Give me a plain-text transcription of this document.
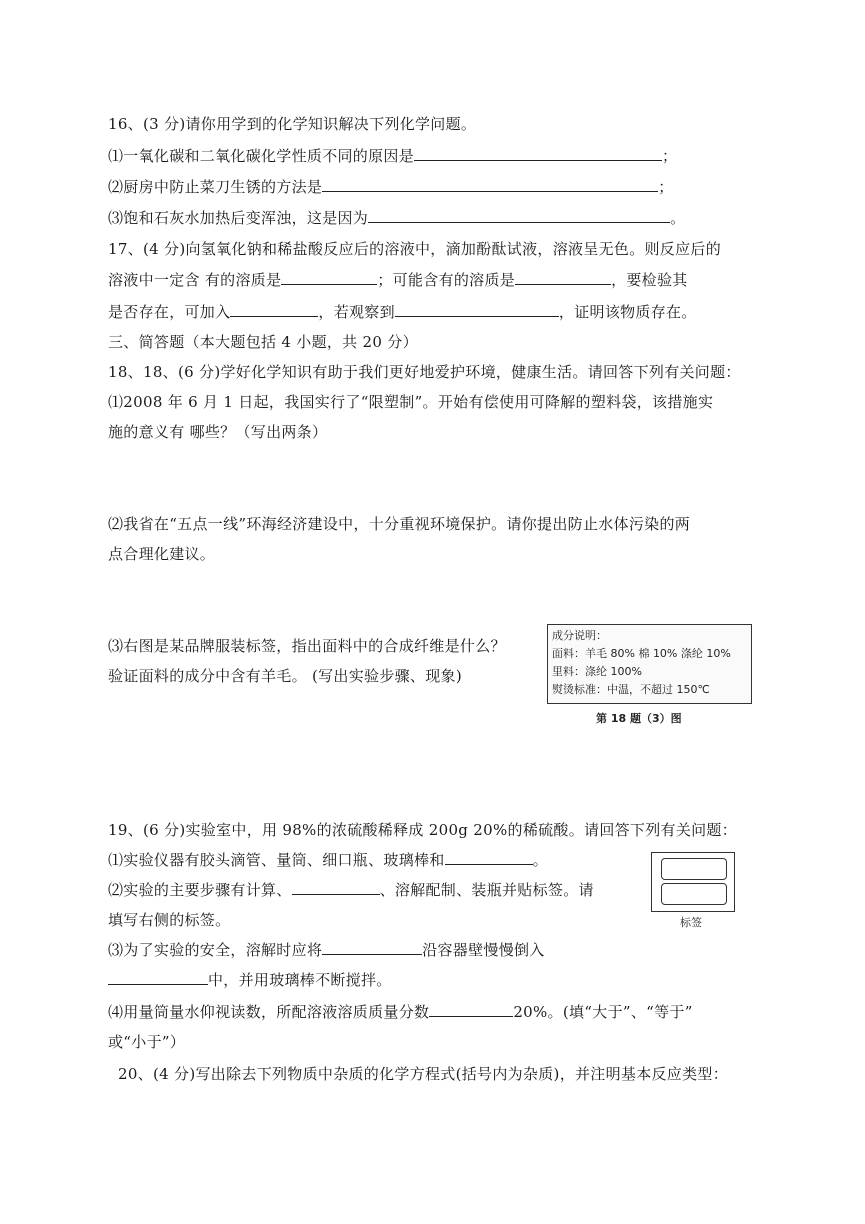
16、(3 分)请你用学到的化学知识解决下列化学问题。
⑴一氧化碳和二氧化碳化学性质不同的原因是	；
⑵厨房中防止菜刀生锈的方法是	；
⑶饱和石灰水加热后变浑浊，这是因为	。
17、(4 分)向氢氧化钠和稀盐酸反应后的溶液中，滴加酚酞试液，溶液呈无色。则反应后的
溶液中一定含 有的溶质是	；可能含有的溶质是	，要检验其
是否存在，可加入	，若观察到	，证明该物质存在。
三、简答题（本大题包括 4 小题，共 20 分）
18、18、(6 分)学好化学知识有助于我们更好地爱护环境，健康生活。请回答下列有关问题：
⑴2008 年 6 月 1 日起，我国实行了“限塑制”。开始有偿使用可降解的塑料袋，该措施实
施的意义有 哪些？（写出两条）
⑵我省在“五点一线”环海经济建设中，十分重视环境保护。请你提出防止水体污染的两
点合理化建议。
⑶右图是某品牌服装标签，指出面料中的合成纤维是什么？
验证面料的成分中含有羊毛。 (写出实验步骤、现象)
成分说明：
面料：羊毛 80% 棉 10% 涤纶 10%
里料：涤纶 100%
熨烫标准：中温，不超过 150℃
第 18 题（3）图
19、(6 分)实验室中，用 98%的浓硫酸稀释成 200g 20%的稀硫酸。请回答下列有关问题：
⑴实验仪器有胶头滴管、量筒、细口瓶、玻璃棒和	。
⑵实验的主要步骤有计算、	、溶解配制、装瓶并贴标签。请
填写右侧的标签。
⑶为了实验的安全，溶解时应将	沿容器壁慢慢倒入
中，并用玻璃棒不断搅拌。
⑷用量筒量水仰视读数，所配溶液溶质质量分数	20%。(填“大于”、“等于”
或“小于”）
标签
20、(4 分)写出除去下列物质中杂质的化学方程式(括号内为杂质)，并注明基本反应类型：
